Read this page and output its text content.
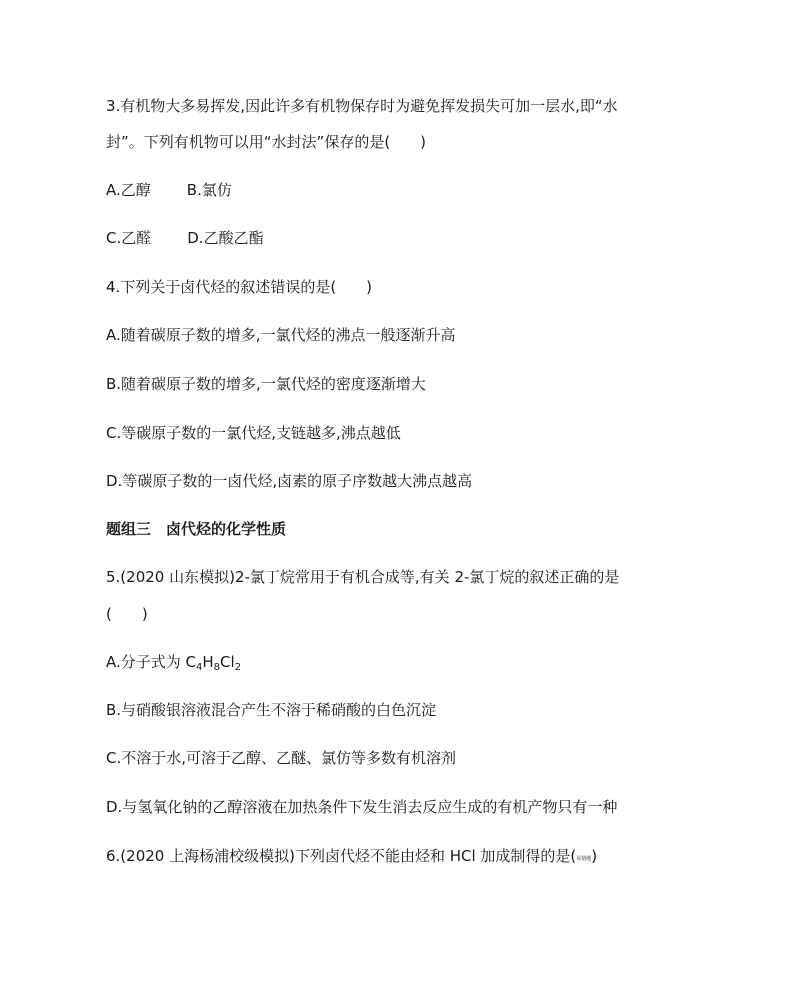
3.有机物大多易挥发,因此许多有机物保存时为避免挥发损失可加一层水,即“水
封”。下列有机物可以用“水封法”保存的是(　　)
A.乙醇 B.氯仿
C.乙醛 D.乙酸乙酯
4.下列关于卤代烃的叙述错误的是(　　)
A.随着碳原子数的增多,一氯代烃的沸点一般逐渐升高
B.随着碳原子数的增多,一氯代烃的密度逐渐增大
C.等碳原子数的一氯代烃,支链越多,沸点越低
D.等碳原子数的一卤代烃,卤素的原子序数越大沸点越高
题组三　卤代烃的化学性质
5.(2020 山东模拟)2-氯丁烷常用于有机合成等,有关 2-氯丁烷的叙述正确的是
(　　)
A.分子式为 $C_4H_8Cl_2$
B.与硝酸银溶液混合产生不溶于稀硝酸的白色沉淀
C.不溶于水,可溶于乙醇、乙醚、氯仿等多数有机溶剂
D.与氢氧化钠的乙醇溶液在加热条件下发生消去反应生成的有机产物只有一种
6.(2020 上海杨浦校级模拟)下列卤代烃不能由烃和 HCl 加成制得的是(易错题)
